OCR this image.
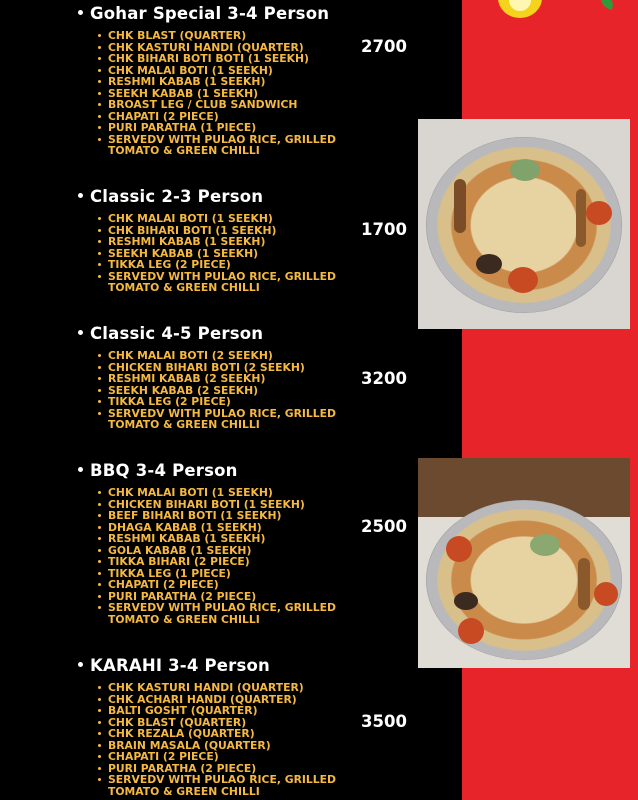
Gohar Special 3-4 Person
CHK BLAST (QUARTER)
CHK KASTURI HANDI (QUARTER)
CHK BIHARI BOTI BOTI (1 SEEKH)
CHK MALAI BOTI (1 SEEKH)
RESHMI KABAB (1 SEEKH)
SEEKH KABAB (1 SEEKH)
BROAST LEG / CLUB SANDWICH
CHAPATI (2 PIECE)
PURI PARATHA (1 PIECE)
SERVEDV WITH PULAO RICE, GRILLED
TOMATO & GREEN CHILLI
2700
Classic 2-3 Person
CHK MALAI BOTI (1 SEEKH)
CHK BIHARI BOTI (1 SEEKH)
RESHMI KABAB (1 SEEKH)
SEEKH KABAB (1 SEEKH)
TIKKA LEG (2 PIECE)
SERVEDV WITH PULAO RICE, GRILLED
TOMATO & GREEN CHILLI
1700
Classic 4-5 Person
CHK MALAI BOTI (2 SEEKH)
CHICKEN BIHARI BOTI (2 SEEKH)
RESHMI KABAB (2 SEEKH)
SEEKH KABAB (2 SEEKH)
TIKKA LEG (2 PIECE)
SERVEDV WITH PULAO RICE, GRILLED
TOMATO & GREEN CHILLI
3200
BBQ 3-4 Person
CHK MALAI BOTI (1 SEEKH)
CHICKEN BIHARI BOTI (1 SEEKH)
BEEF BIHARI BOTI (1 SEEKH)
DHAGA KABAB (1 SEEKH)
RESHMI KABAB (1 SEEKH)
GOLA KABAB (1 SEEKH)
TIKKA BIHARI (2 PIECE)
TIKKA LEG (1 PIECE)
CHAPATI (2 PIECE)
PURI PARATHA (2 PIECE)
SERVEDV WITH PULAO RICE, GRILLED
TOMATO & GREEN CHILLI
2500
KARAHI 3-4 Person
CHK KASTURI HANDI (QUARTER)
CHK ACHARI HANDI (QUARTER)
BALTI GOSHT (QUARTER)
CHK BLAST (QUARTER)
CHK REZALA (QUARTER)
BRAIN MASALA (QUARTER)
CHAPATI (2 PIECE)
PURI PARATHA (2 PIECE)
SERVEDV WITH PULAO RICE, GRILLED
TOMATO & GREEN CHILLI
3500
